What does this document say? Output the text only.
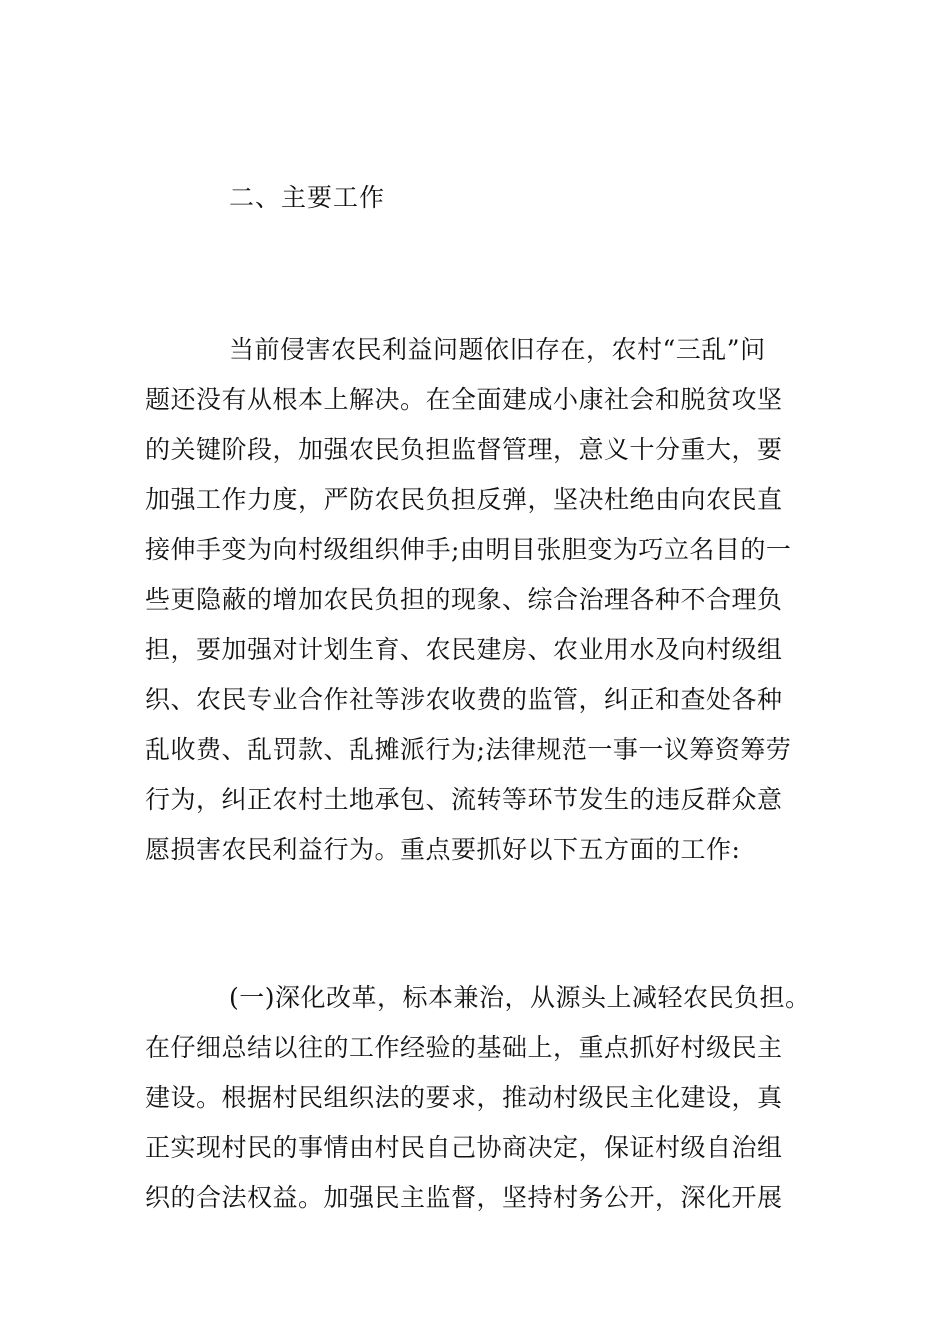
二、主要工作
当前侵害农民利益问题依旧存在，农村“三乱”问
题还没有从根本上解决。在全面建成小康社会和脱贫攻坚
的关键阶段，加强农民负担监督管理，意义十分重大，要
加强工作力度，严防农民负担反弹，坚决杜绝由向农民直
接伸手变为向村级组织伸手;由明目张胆变为巧立名目的一
些更隐蔽的增加农民负担的现象、综合治理各种不合理负
担，要加强对计划生育、农民建房、农业用水及向村级组
织、农民专业合作社等涉农收费的监管，纠正和查处各种
乱收费、乱罚款、乱摊派行为;法律规范一事一议筹资筹劳
行为，纠正农村土地承包、流转等环节发生的违反群众意
愿损害农民利益行为。重点要抓好以下五方面的工作:
(一)深化改革，标本兼治，从源头上减轻农民负担。
在仔细总结以往的工作经验的基础上，重点抓好村级民主
建设。根据村民组织法的要求，推动村级民主化建设，真
正实现村民的事情由村民自己协商决定，保证村级自治组
织的合法权益。加强民主监督，坚持村务公开，深化开展
